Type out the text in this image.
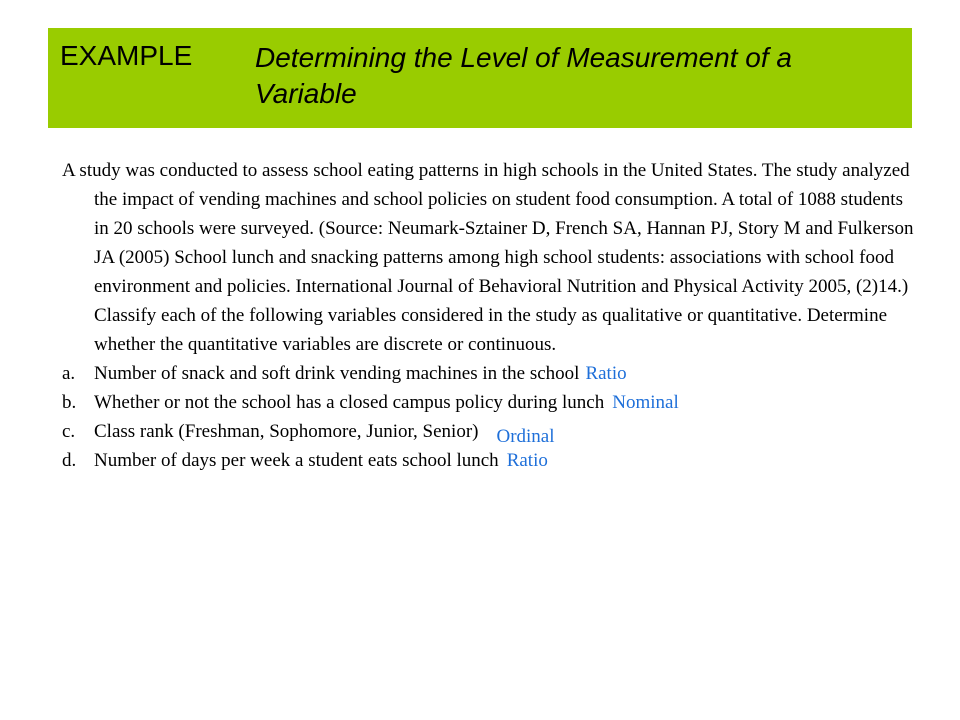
EXAMPLE Determining the Level of Measurement of a Variable

A study was conducted to assess school eating patterns in high schools in the United States. The study analyzed the impact of vending machines and school policies on student food consumption. A total of 1088 students in 20 schools were surveyed. (Source: Neumark-Sztainer D, French SA, Hannan PJ, Story M and Fulkerson JA (2005) School lunch and snacking patterns among high school students: associations with school food environment and policies. International Journal of Behavioral Nutrition and Physical Activity 2005, (2)14.) Classify each of the following variables considered in the study as qualitative or quantitative. Determine whether the quantitative variables are discrete or continuous.

a. Number of snack and soft drink vending machines in the school Ratio

b. Whether or not the school has a closed campus policy during lunch Nominal

c. Class rank (Freshman, Sophomore, Junior, Senior) Ordinal

d. Number of days per week a student eats school lunch Ratio
